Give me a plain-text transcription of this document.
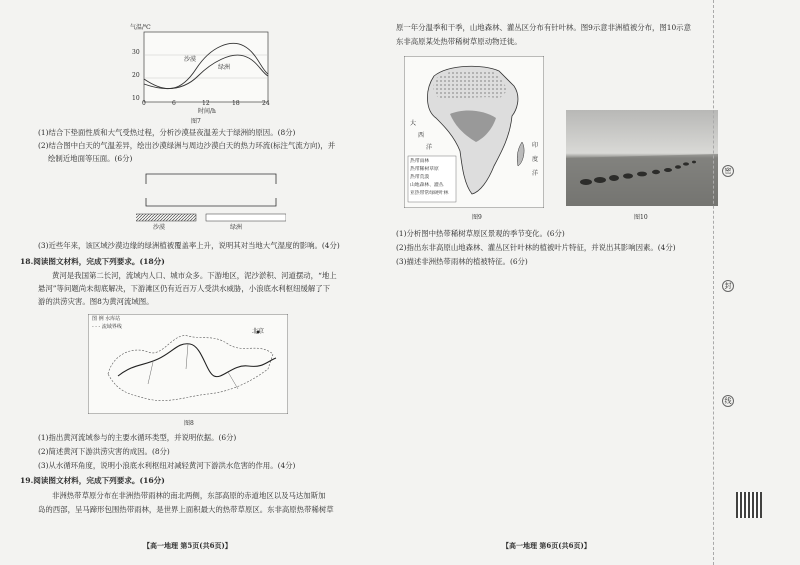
气温/℃
30
20
10
0	6	12	18	24
时间/h
沙漠
绿洲
图7
(1)结合下垫面性质和大气受热过程，分析沙漠昼夜温差大于绿洲的原因。(8分)
(2)结合图中白天的气温差异，绘出沙漠绿洲与周边沙漠白天的热力环流(标注气流方向)，并
绘制近地面等压面。(6分)
沙漠	绿洲
(3)近些年来，该区域沙漠边缘的绿洲植被覆盖率上升，说明其对当地大气湿度的影响。(4分)
18.阅读图文材料，完成下列要求。(18分)
黄河是我国第二长河，流域内人口、城市众多。下游地区，泥沙淤积、河道摆动，“地上
悬河”等问题尚未彻底解决，下游滩区仍有近百万人受洪水威胁，小浪底水利枢纽缓解了下
游的洪涝灾害。图8为黄河流域图。
图 例 水库站
- - - 流域界线
北京
图8
(1)指出黄河流域参与的主要水循环类型，并说明依据。(6分)
(2)简述黄河下游洪涝灾害的成因。(8分)
(3)从水循环角度，说明小浪底水利枢纽对减轻黄河下游洪水危害的作用。(4分)
19.阅读图文材料，完成下列要求。(16分)
非洲热带草原分布在非洲热带雨林的南北两侧，东部高原的赤道地区以及马达加斯加
岛的西部，呈马蹄形包围热带雨林，是世界上面积最大的热带草原区。东非高原热带稀树草
【高一地理 第5页(共6页)】
原一年分温季和干季，山地森林、灌丛区分布有针叶林。图9示意非洲植被分布，图10示意
东非高原某处热带稀树草原动物迁徙。
热带雨林
热带稀树草原
热带荒漠
山地森林、灌丛
亚热带常绿硬叶林
大
西
洋	印
度
洋
图9	图10
(1)分析图中热带稀树草原区景观的季节变化。(6分)
(2)指出东非高原山地森林、灌丛区针叶林的植被叶片特征，并说出其影响因素。(4分)
(3)描述非洲热带雨林的植被特征。(6分)
【高一地理 第6页(共6页)】
密
封
线
